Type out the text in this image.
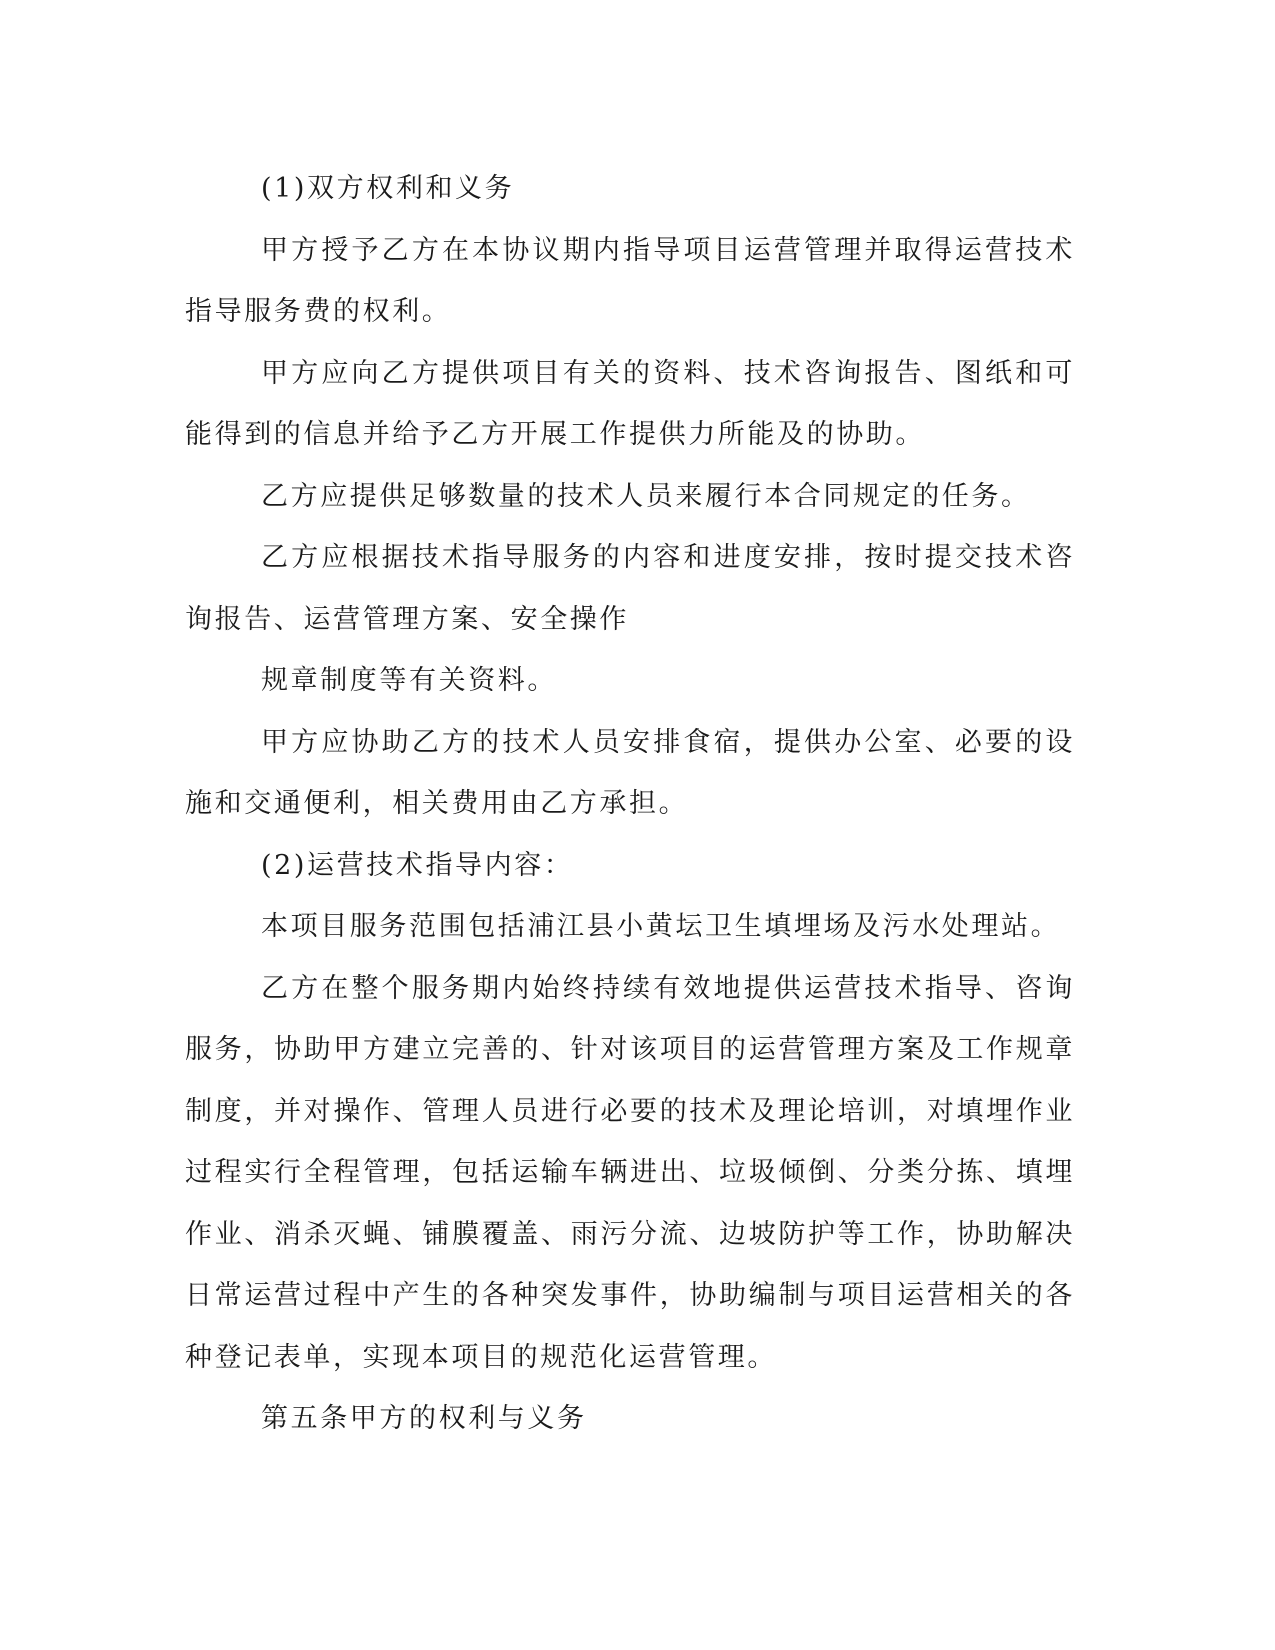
(1)双方权利和义务

甲方授予乙方在本协议期内指导项目运营管理并取得运营技术指导服务费的权利。

甲方应向乙方提供项目有关的资料、技术咨询报告、图纸和可能得到的信息并给予乙方开展工作提供力所能及的协助。

乙方应提供足够数量的技术人员来履行本合同规定的任务。

乙方应根据技术指导服务的内容和进度安排，按时提交技术咨询报告、运营管理方案、安全操作

规章制度等有关资料。

甲方应协助乙方的技术人员安排食宿，提供办公室、必要的设施和交通便利，相关费用由乙方承担。

(2)运营技术指导内容：

本项目服务范围包括浦江县小黄坛卫生填埋场及污水处理站。

乙方在整个服务期内始终持续有效地提供运营技术指导、咨询服务，协助甲方建立完善的、针对该项目的运营管理方案及工作规章制度，并对操作、管理人员进行必要的技术及理论培训，对填埋作业过程实行全程管理，包括运输车辆进出、垃圾倾倒、分类分拣、填埋作业、消杀灭蝇、铺膜覆盖、雨污分流、边坡防护等工作，协助解决日常运营过程中产生的各种突发事件，协助编制与项目运营相关的各种登记表单，实现本项目的规范化运营管理。

第五条甲方的权利与义务
